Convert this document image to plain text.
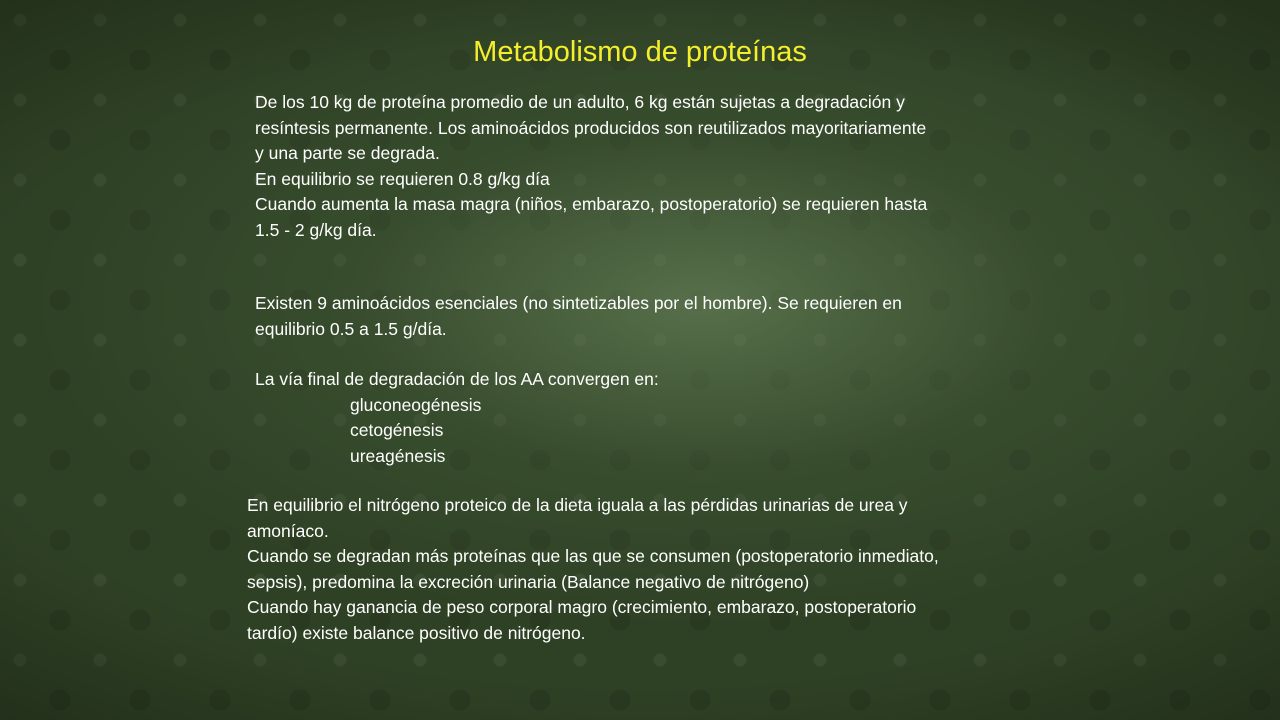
Metabolismo de proteínas
De los 10 kg de proteína promedio de un adulto, 6 kg están sujetas a degradación y
resíntesis permanente. Los aminoácidos producidos son reutilizados mayoritariamente
y una parte se degrada.
En equilibrio se requieren 0.8 g/kg día
Cuando aumenta la masa magra (niños, embarazo, postoperatorio) se requieren hasta
1.5 - 2 g/kg día.
Existen 9 aminoácidos esenciales (no sintetizables por el hombre). Se requieren en
equilibrio 0.5 a 1.5 g/día.
La vía final de degradación de los AA convergen en:
gluconeogénesis
cetogénesis
ureagénesis
En equilibrio el nitrógeno proteico de la dieta iguala a las pérdidas urinarias de urea y
amoníaco.
Cuando se degradan más proteínas que las que se consumen (postoperatorio inmediato,
sepsis), predomina la excreción urinaria (Balance negativo de nitrógeno)
Cuando hay ganancia de peso corporal magro (crecimiento, embarazo, postoperatorio
tardío) existe balance positivo de nitrógeno.
